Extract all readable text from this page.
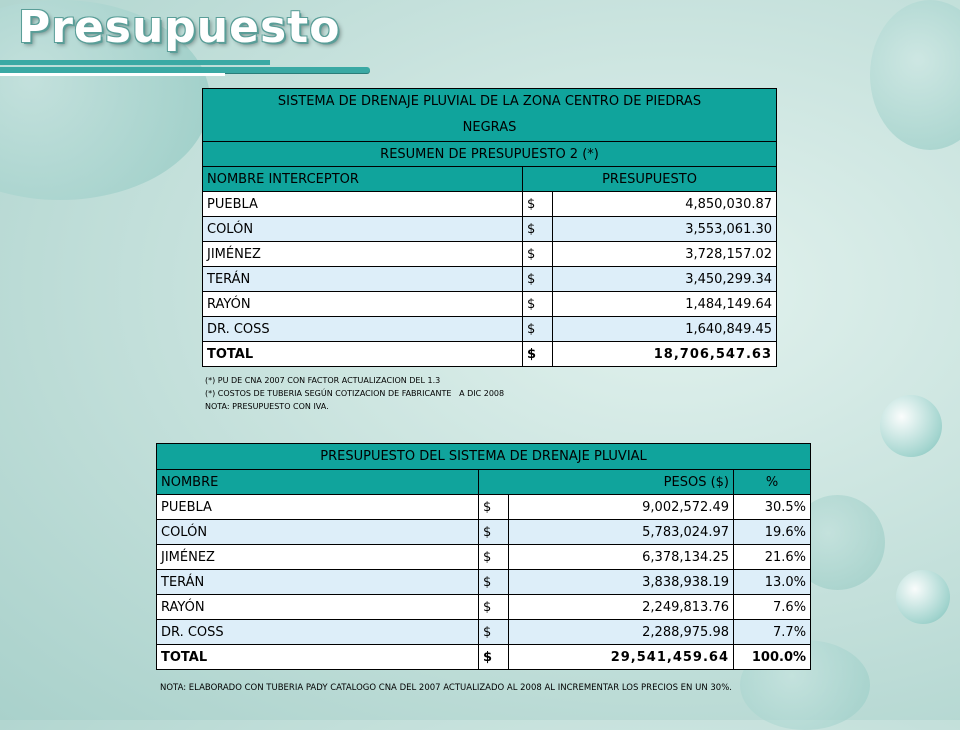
Presupuesto
SISTEMA DE DRENAJE PLUVIAL DE LA ZONA CENTRO DE PIEDRAS
NEGRAS		
RESUMEN DE PRESUPUESTO 2 (*)		
NOMBRE INTERCEPTOR	PRESUPUESTO	
PUEBLA	$	4,850,030.87
COLÓN	$	3,553,061.30
JIMÉNEZ	$	3,728,157.02
TERÁN	$	3,450,299.34
RAYÓN	$	1,484,149.64
DR. COSS	$	1,640,849.45
TOTAL	$	18,706,547.63
(*) PU DE CNA 2007 CON FACTOR ACTUALIZACION DEL 1.3
(*) COSTOS DE TUBERIA SEGÚN COTIZACION DE FABRICANTE   A DIC 2008
NOTA: PRESUPUESTO CON IVA.
PRESUPUESTO DEL SISTEMA DE DRENAJE PLUVIAL			
NOMBRE	PESOS ($)		%
PUEBLA	$	9,002,572.49	30.5%
COLÓN	$	5,783,024.97	19.6%
JIMÉNEZ	$	6,378,134.25	21.6%
TERÁN	$	3,838,938.19	13.0%
RAYÓN	$	2,249,813.76	7.6%
DR. COSS	$	2,288,975.98	7.7%
TOTAL	$	29,541,459.64	100.0%
NOTA: ELABORADO CON TUBERIA PADY CATALOGO CNA DEL 2007 ACTUALIZADO AL 2008 AL INCREMENTAR LOS PRECIOS EN UN 30%.
